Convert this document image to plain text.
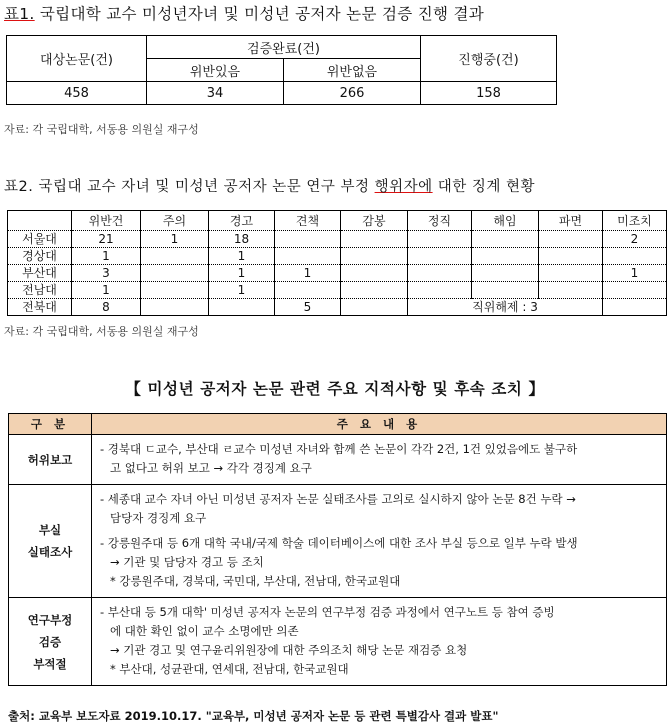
표1. 국립대학 교수 미성년자녀 및 미성년 공저자 논문 검증 진행 결과
대상논문(건)	검증완료(건)		진행중(건)
	위반있음	위반없음	
458	34	266	158
자료: 각 국립대학, 서동용 의원실 재구성
표2. 국립대 교수 자녀 및 미성년 공저자 논문 연구 부정 행위자에 대한 징계 현황
	위반건	주의	경고	견책	감봉	정직	해임	파면	미조치
서울대	21	1	18						2
경상대	1		1						
부산대	3		1	1					1
전남대	1		1						
전북대	8			5		직위해제 : 3			
자료: 각 국립대학, 서동용 의원실 재구성
【 미성년 공저자 논문 관련 주요 지적사항 및 후속 조치 】
구 분	주 요 내 용
허위보고	- 경북대 ㄷ교수, 부산대 ㄹ교수 미성년 자녀와 함께 쓴 논문이 각각 2건, 1건 있었음에도 불구하
고 없다고 허위 보고 → 각각 경징계 요구

부실
실태조사	- 세종대 교수 자녀 아닌 미성년 공저자 논문 실태조사를 고의로 실시하지 않아 논문 8건 누락 →
담당자 경징계 요구
- 강릉원주대 등 6개 대학 국내/국제 학술 데이터베이스에 대한 조사 부실 등으로 일부 누락 발생
→ 기관 및 담당자 경고 등 조치
* 강릉원주대, 경북대, 국민대, 부산대, 전남대, 한국교원대

연구부정
검증
부적절	- 부산대 등 5개 대학' 미성년 공저자 논문의 연구부정 검증 과정에서 연구노트 등 참여 증빙
에 대한 확인 없이 교수 소명에만 의존
→ 기관 경고 및 연구윤리위원장에 대한 주의조치 해당 논문 재검증 요청
* 부산대, 성균관대, 연세대, 전남대, 한국교원대
출처: 교육부 보도자료 2019.10.17. "교육부, 미성년 공저자 논문 등 관련 특별감사 결과 발표"
